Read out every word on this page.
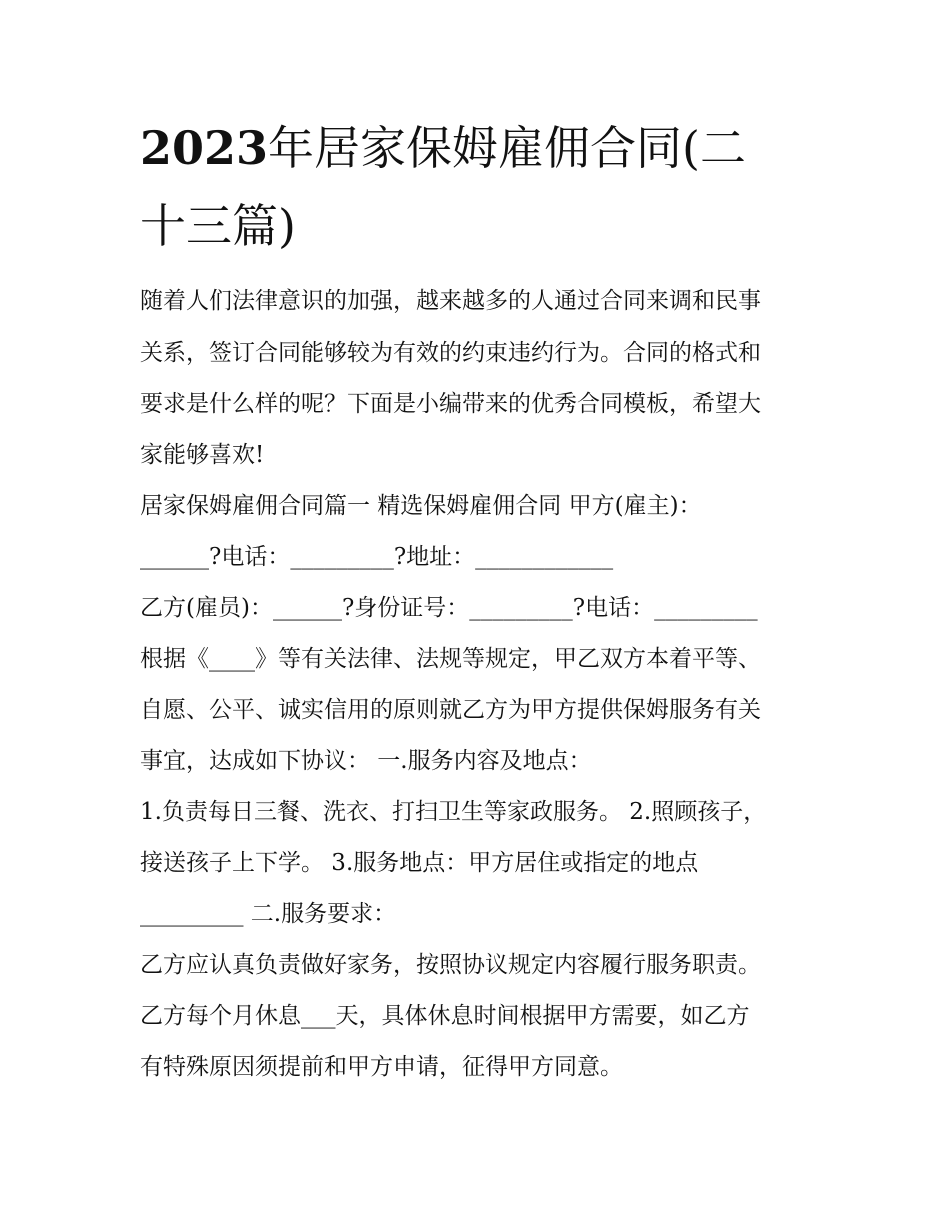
2023年居家保姆雇佣合同(二
十三篇)
随着人们法律意识的加强，越来越多的人通过合同来调和民事
关系，签订合同能够较为有效的约束违约行为。合同的格式和
要求是什么样的呢？下面是小编带来的优秀合同模板，希望大
家能够喜欢!
居家保姆雇佣合同篇一 精选保姆雇佣合同 甲方(雇主)：
______?电话：_________?地址：____________
乙方(雇员)：______?身份证号：_________?电话：_________
根据《____》等有关法律、法规等规定，甲乙双方本着平等、
自愿、公平、诚实信用的原则就乙方为甲方提供保姆服务有关
事宜，达成如下协议： 一.服务内容及地点：
1.负责每日三餐、洗衣、打扫卫生等家政服务。 2.照顾孩子，
接送孩子上下学。 3.服务地点：甲方居住或指定的地点
_________ 二.服务要求：
乙方应认真负责做好家务，按照协议规定内容履行服务职责。
乙方每个月休息___天，具体休息时间根据甲方需要，如乙方
有特殊原因须提前和甲方申请，征得甲方同意。
